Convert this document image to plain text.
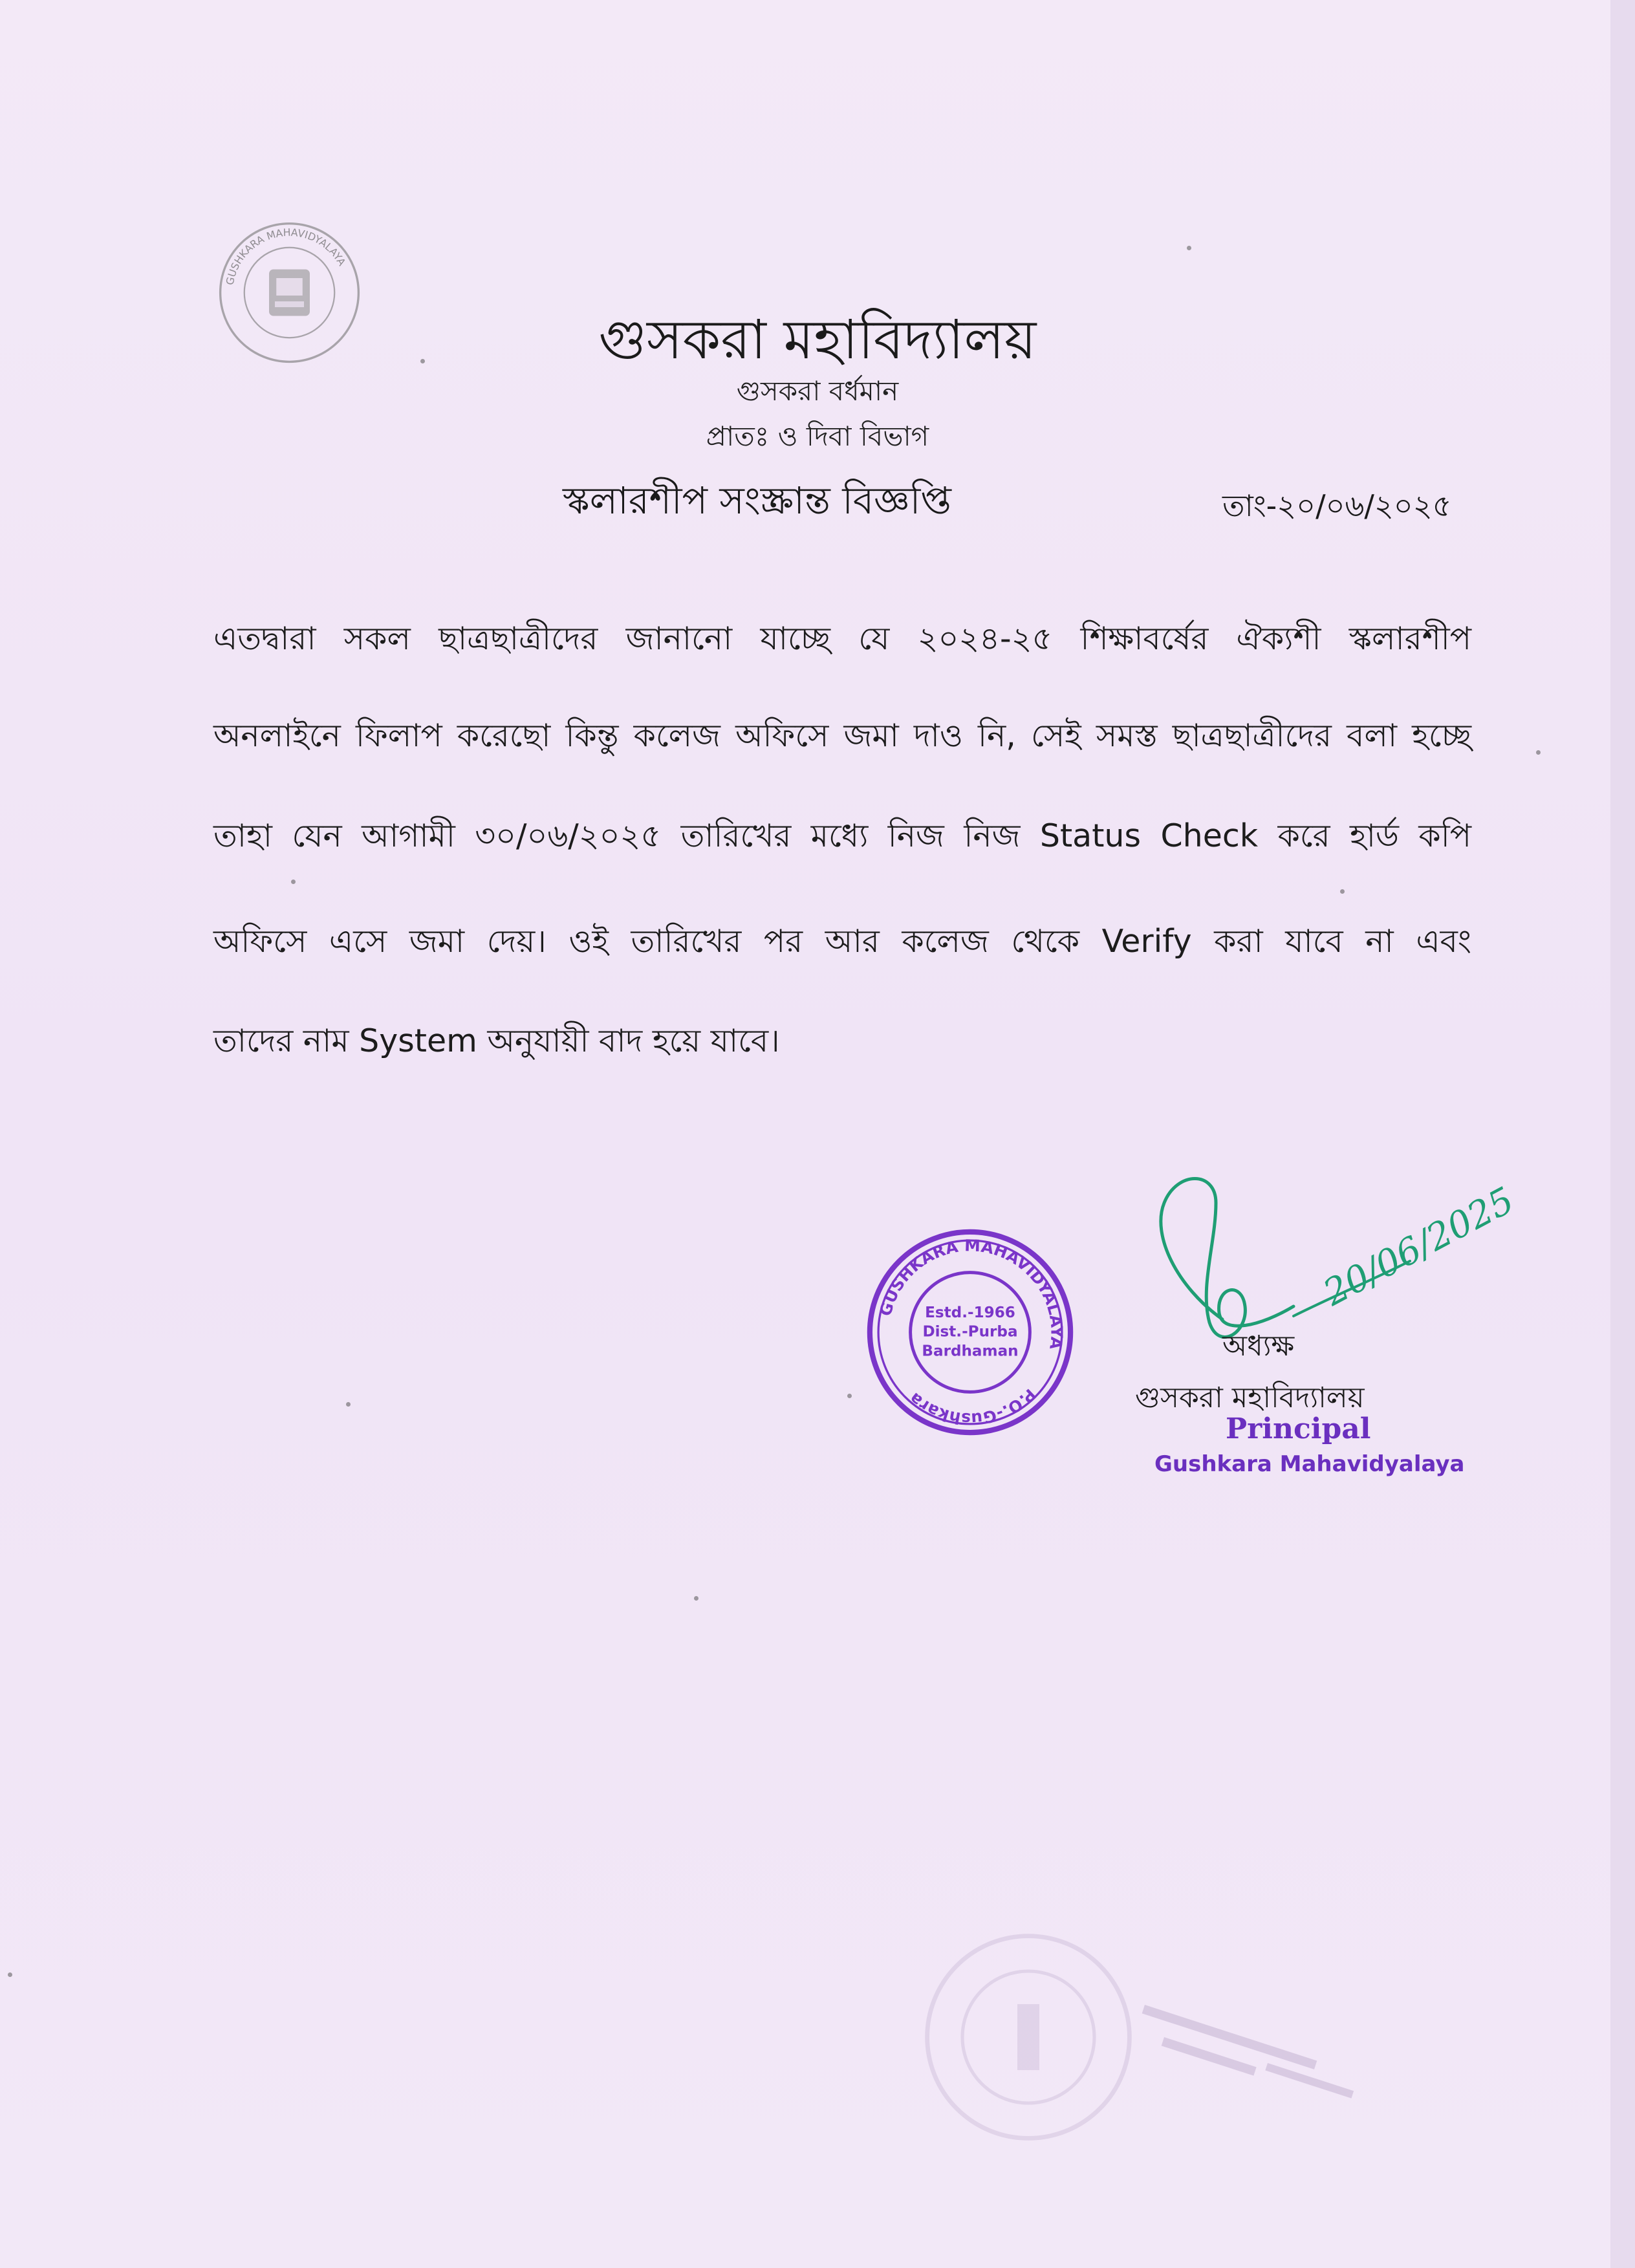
GUSHKARA MAHAVIDYALAYA
গুসকরা মহাবিদ্যালয়
গুসকরা বর্ধমান
প্রাতঃ ও দিবা বিভাগ
স্কলারশীপ সংস্ক্রান্ত বিজ্ঞপ্তি	তাং-২০/০৬/২০২৫
এতদ্বারা সকল ছাত্রছাত্রীদের জানানো যাচ্ছে যে ২০২৪-২৫ শিক্ষাবর্ষের ঐক্যশী স্কলারশীপ
অনলাইনে ফিলাপ করেছো কিন্তু কলেজ অফিসে জমা দাও নি, সেই সমস্ত ছাত্রছাত্রীদের বলা হচ্ছে
তাহা যেন আগামী ৩০/০৬/২০২৫ তারিখের মধ্যে নিজ নিজ Status Check করে হার্ড কপি
অফিসে এসে জমা দেয়। ওই তারিখের পর আর কলেজ থেকে Verify করা যাবে না এবং
তাদের নাম System অনুযায়ী বাদ হয়ে যাবে।
GUSHKARA MAHAVIDYALAYA
P.O.-Gushkara
Estd.-1966
Dist.-Purba
Bardhaman
20/06/2025
অধ্যক্ষ
গুসকরা মহাবিদ্যালয়
Principal
Gushkara Mahavidyalaya
